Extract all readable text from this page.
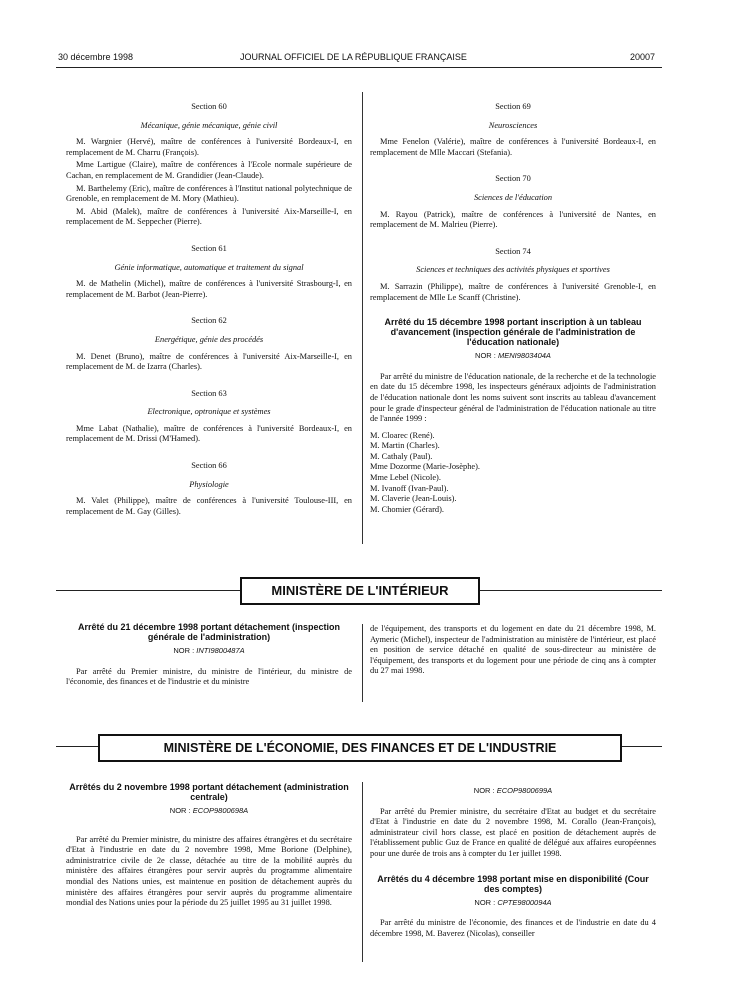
30 décembre 1998	JOURNAL OFFICIEL DE LA RÉPUBLIQUE FRANÇAISE	20007
Section 60
Mécanique, génie mécanique, génie civil

M. Wargnier (Hervé), maître de conférences à l'université Bordeaux-I, en remplacement de M. Charru (François).

Mme Lartigue (Claire), maître de conférences à l'Ecole normale supérieure de Cachan, en remplacement de M. Grandidier (Jean-Claude).

M. Barthelemy (Eric), maître de conférences à l'Institut national polytechnique de Grenoble, en remplacement de M. Mory (Mathieu).

M. Abid (Malek), maître de conférences à l'université Aix-Marseille-I, en remplacement de M. Seppecher (Pierre).

Section 61
Génie informatique, automatique et traitement du signal

M. de Mathelin (Michel), maître de conférences à l'université Strasbourg-I, en remplacement de M. Barbot (Jean-Pierre).

Section 62
Energétique, génie des procédés

M. Denet (Bruno), maître de conférences à l'université Aix-Marseille-I, en remplacement de M. de Izarra (Charles).

Section 63
Electronique, optronique et systèmes

Mme Labat (Nathalie), maître de conférences à l'université Bordeaux-I, en remplacement de M. Drissi (M'Hamed).

Section 66
Physiologie

M. Valet (Philippe), maître de conférences à l'université Toulouse-III, en remplacement de M. Gay (Gilles).

Section 69
Neurosciences

Mme Fenelon (Valérie), maître de conférences à l'université Bordeaux-I, en remplacement de Mlle Maccari (Stefania).

Section 70
Sciences de l'éducation

M. Rayou (Patrick), maître de conférences à l'université de Nantes, en remplacement de M. Malrieu (Pierre).

Section 74
Sciences et techniques des activités physiques et sportives

M. Sarrazin (Philippe), maître de conférences à l'université Grenoble-I, en remplacement de Mlle Le Scanff (Christine).

Arrêté du 15 décembre 1998 portant inscription à un tableau d'avancement (inspection générale de l'administration de l'éducation nationale)
NOR : MENI9803404A

Par arrêté du ministre de l'éducation nationale, de la recherche et de la technologie en date du 15 décembre 1998, les inspecteurs généraux adjoints de l'administration de l'éducation nationale dont les noms suivent sont inscrits au tableau d'avancement pour le grade d'inspecteur général de l'administration de l'éducation nationale au titre de l'année 1999 :

M. Cloarec (René).
M. Martin (Charles).
M. Cathaly (Paul).
Mme Dozorme (Marie-Josèphe).
Mme Lebel (Nicole).
M. Ivanoff (Ivan-Paul).
M. Claverie (Jean-Louis).
M. Chomier (Gérard).
MINISTÈRE DE L'INTÉRIEUR
Arrêté du 21 décembre 1998 portant détachement (inspection générale de l'administration)
NOR : INTI9800487A

Par arrêté du Premier ministre, du ministre de l'intérieur, du ministre de l'économie, des finances et de l'industrie et du ministre

de l'équipement, des transports et du logement en date du 21 décembre 1998, M. Aymeric (Michel), inspecteur de l'administration au ministère de l'intérieur, est placé en position de service détaché en qualité de sous-directeur au ministère de l'équipement, des transports et du logement pour une période de cinq ans à compter du 27 mai 1998.

MINISTÈRE DE L'ÉCONOMIE, DES FINANCES ET DE L'INDUSTRIE
Arrêtés du 2 novembre 1998 portant détachement (administration centrale)
NOR : ECOP9800698A

Par arrêté du Premier ministre, du ministre des affaires étrangères et du secrétaire d'Etat à l'industrie en date du 2 novembre 1998, Mme Borione (Delphine), administratrice civile de 2e classe, détachée au titre de la mobilité auprès du ministère des affaires étrangères pour servir auprès du programme alimentaire mondial des Nations unies, est maintenue en position de détachement auprès du ministère des affaires étrangères pour servir auprès du programme alimentaire mondial des Nations unies pour la période du 25 juillet 1995 au 31 juillet 1998.

NOR : ECOP9800699A

Par arrêté du Premier ministre, du secrétaire d'Etat au budget et du secrétaire d'Etat à l'industrie en date du 2 novembre 1998, M. Corallo (Jean-François), administrateur civil hors classe, est placé en position de détachement auprès de l'établissement public Guz de France en qualité de délégué aux affaires européennes pour une durée de trois ans à compter du 1er juillet 1998.

Arrêtés du 4 décembre 1998 portant mise en disponibilité (Cour des comptes)
NOR : CPTE9800094A

Par arrêté du ministre de l'économie, des finances et de l'industrie en date du 4 décembre 1998, M. Baverez (Nicolas), conseiller
